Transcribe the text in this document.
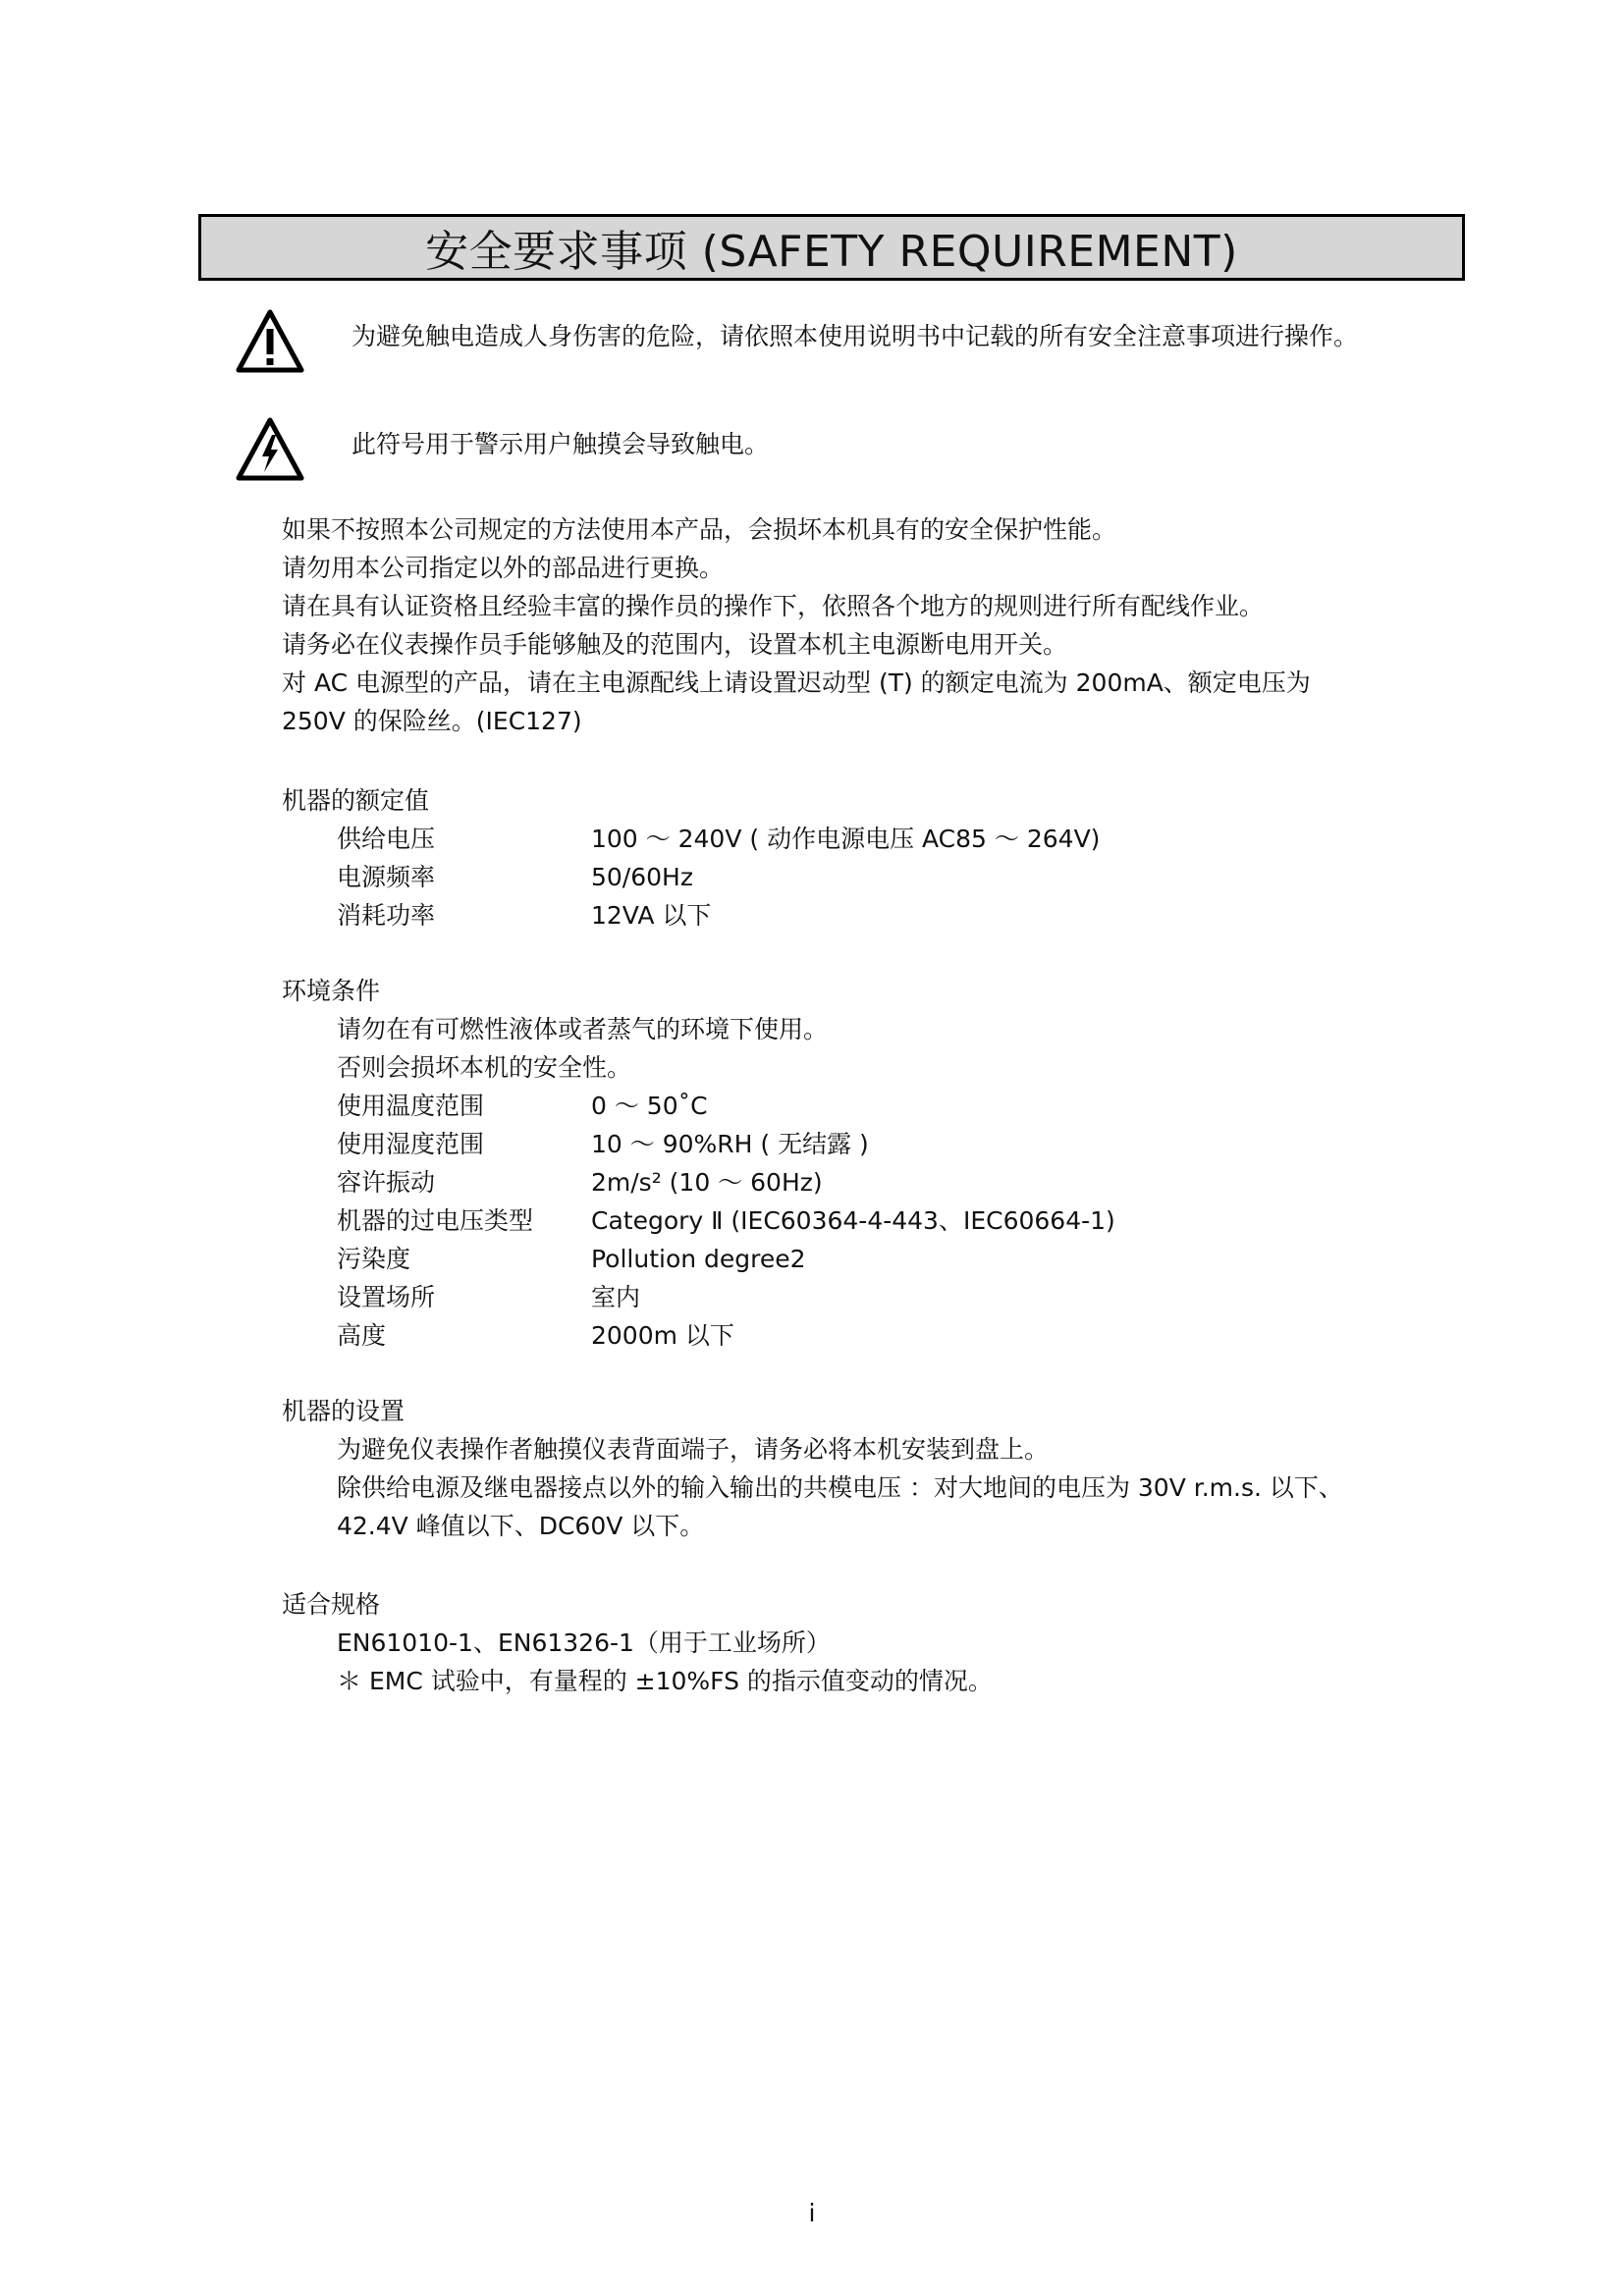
安全要求事项 (SAFETY REQUIREMENT)
为避免触电造成人身伤害的危险，请依照本使用说明书中记载的所有安全注意事项进行操作。
此符号用于警示用户触摸会导致触电。
如果不按照本公司规定的方法使用本产品，会损坏本机具有的安全保护性能。
请勿用本公司指定以外的部品进行更换。
请在具有认证资格且经验丰富的操作员的操作下，依照各个地方的规则进行所有配线作业。
请务必在仪表操作员手能够触及的范围内，设置本机主电源断电用开关。
对 AC 电源型的产品，请在主电源配线上请设置迟动型 (T) 的额定电流为 200mA、额定电压为
250V 的保险丝。(IEC127)
机器的额定值
供给电压	100 ～ 240V ( 动作电源电压 AC85 ～ 264V)
电源频率	50/60Hz
消耗功率	12VA 以下
环境条件
请勿在有可燃性液体或者蒸气的环境下使用。
否则会损坏本机的安全性。
使用温度范围	0 ～ 50˚C
使用湿度范围	10 ～ 90%RH ( 无结露 )
容许振动	2m/s² (10 ～ 60Hz)
机器的过电压类型	Category Ⅱ (IEC60364-4-443、IEC60664-1)
污染度	Pollution degree2
设置场所	室内
高度	2000m 以下
机器的设置
为避免仪表操作者触摸仪表背面端子，请务必将本机安装到盘上。
除供给电源及继电器接点以外的输入输出的共模电压 ：对大地间的电压为 30V r.m.s. 以下、
42.4V 峰值以下、DC60V 以下。
适合规格
EN61010-1、EN61326-1（用于工业场所）
＊ EMC 试验中，有量程的 ±10%FS 的指示值变动的情况。
i
